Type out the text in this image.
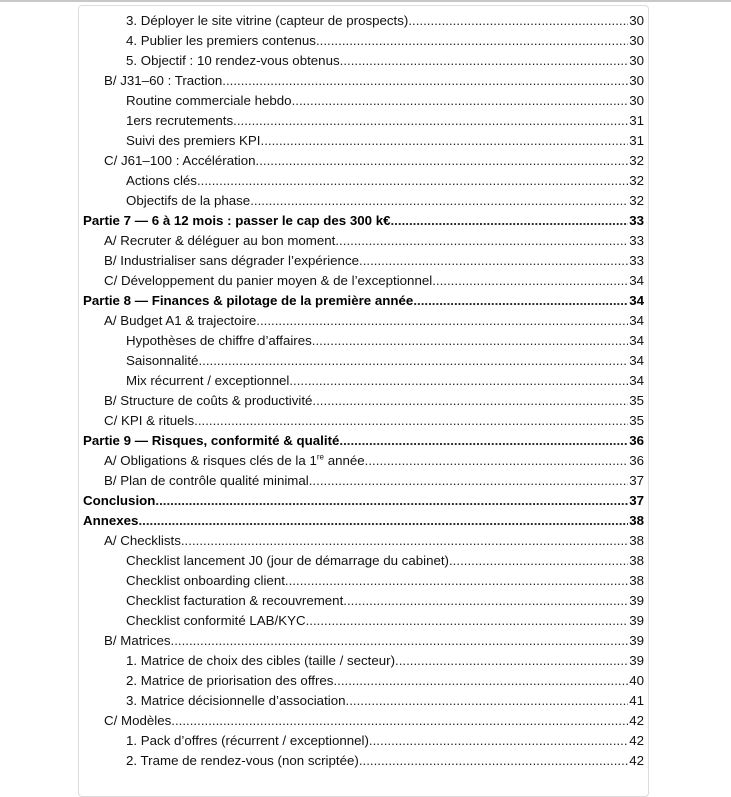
3. Déployer le site vitrine (capteur de prospects) .....	30
4. Publier les premiers contenus .....	30
5. Objectif : 10 rendez-vous obtenus .....	30
B/ J31–60 : Traction .....	30
Routine commerciale hebdo .....	30
1ers recrutements .....	31
Suivi des premiers KPI .....	31
C/ J61–100 : Accélération .....	32
Actions clés .....	32
Objectifs de la phase .....	32
Partie 7 — 6 à 12 mois : passer le cap des 300 k€ .....	33
A/ Recruter & déléguer au bon moment .....	33
B/ Industrialiser sans dégrader l’expérience .....	33
C/ Développement du panier moyen & de l’exceptionnel .....	34
Partie 8 — Finances & pilotage de la première année .....	34
A/ Budget A1 & trajectoire .....	34
Hypothèses de chiffre d’affaires .....	34
Saisonnalité .....	34
Mix récurrent / exceptionnel .....	34
B/ Structure de coûts & productivité .....	35
C/ KPI & rituels .....	35
Partie 9 — Risques, conformité & qualité .....	36
A/ Obligations & risques clés de la 1re année .....	36
B/ Plan de contrôle qualité minimal .....	37
Conclusion .....	37
Annexes .....	38
A/ Checklists .....	38
Checklist lancement J0 (jour de démarrage du cabinet) .....	38
Checklist onboarding client .....	38
Checklist facturation & recouvrement .....	39
Checklist conformité LAB/KYC .....	39
B/ Matrices .....	39
1. Matrice de choix des cibles (taille / secteur) .....	39
2. Matrice de priorisation des offres .....	40
3. Matrice décisionnelle d’association .....	41
C/ Modèles .....	42
1. Pack d’offres (récurrent / exceptionnel) .....	42
2. Trame de rendez-vous (non scriptée) .....	42
